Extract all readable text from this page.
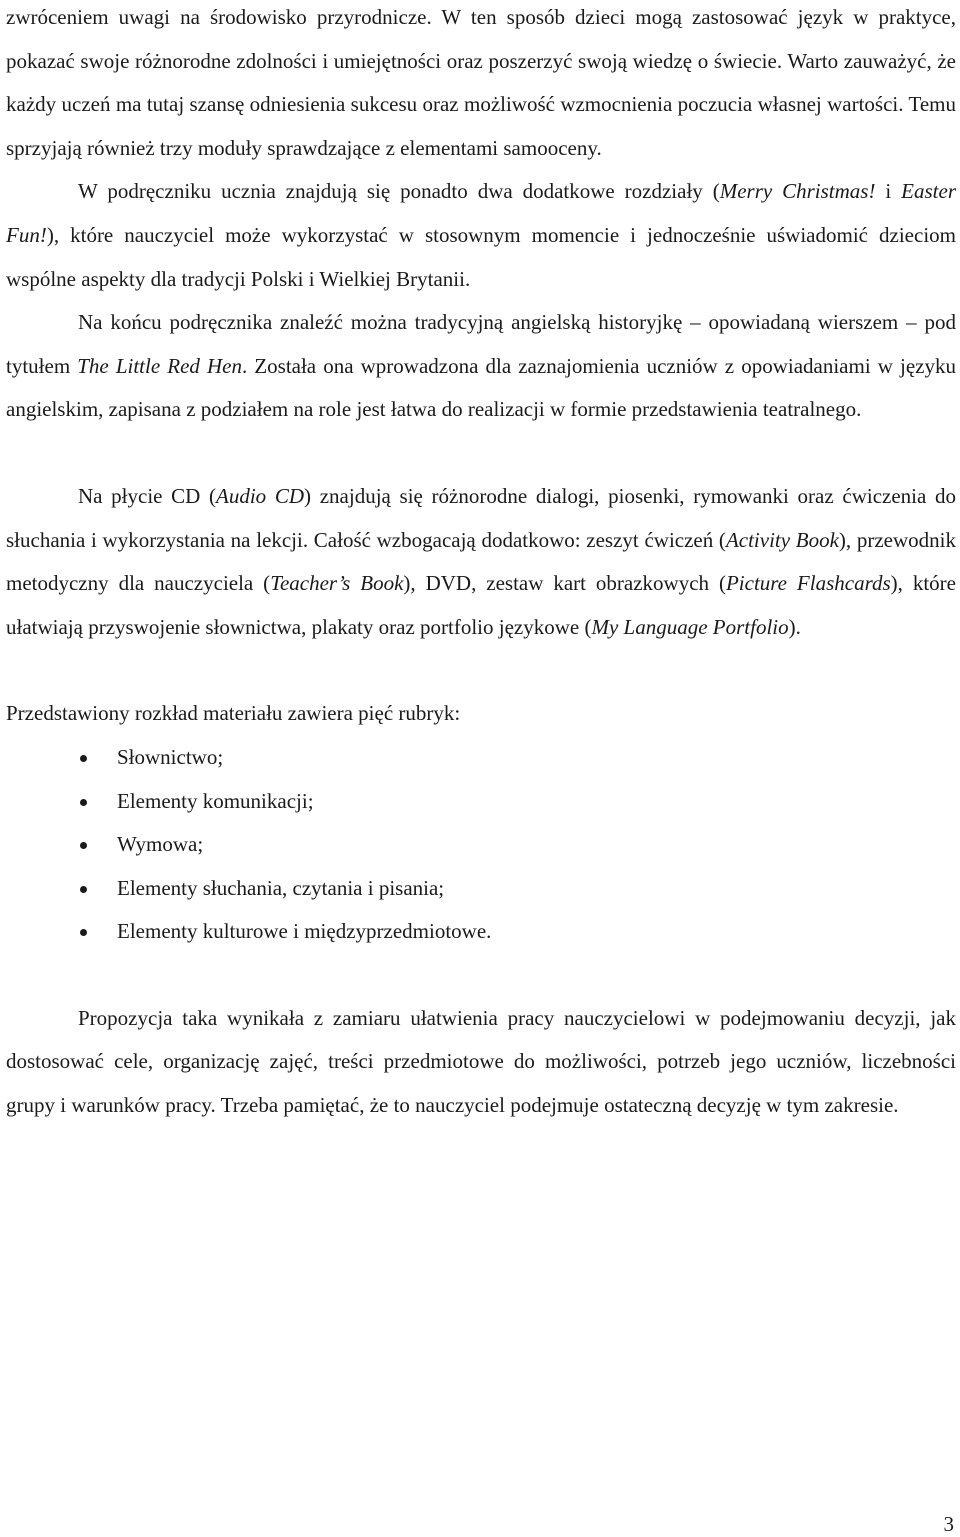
zwróceniem uwagi na środowisko przyrodnicze. W ten sposób dzieci mogą zastosować język w praktyce, pokazać swoje różnorodne zdolności i umiejętności oraz poszerzyć swoją wiedzę o świecie. Warto zauważyć, że każdy uczeń ma tutaj szansę odniesienia sukcesu oraz możliwość wzmocnienia poczucia własnej wartości. Temu sprzyjają również trzy moduły sprawdzające z elementami samooceny.

W podręczniku ucznia znajdują się ponadto dwa dodatkowe rozdziały (Merry Christmas! i Easter Fun!), które nauczyciel może wykorzystać w stosownym momencie i jednocześnie uświadomić dzieciom wspólne aspekty dla tradycji Polski i Wielkiej Brytanii.

Na końcu podręcznika znaleźć można tradycyjną angielską historyjkę – opowiadaną wierszem – pod tytułem The Little Red Hen. Została ona wprowadzona dla zaznajomienia uczniów z opowiadaniami w języku angielskim, zapisana z podziałem na role jest łatwa do realizacji w formie przedstawienia teatralnego.

Na płycie CD (Audio CD) znajdują się różnorodne dialogi, piosenki, rymowanki oraz ćwiczenia do słuchania i wykorzystania na lekcji. Całość wzbogacają dodatkowo: zeszyt ćwiczeń (Activity Book), przewodnik metodyczny dla nauczyciela (Teacher’s Book), DVD, zestaw kart obrazkowych (Picture Flashcards), które ułatwiają przyswojenie słownictwa, plakaty oraz portfolio językowe (My Language Portfolio).

Przedstawiony rozkład materiału zawiera pięć rubryk:

Słownictwo;
Elementy komunikacji;
Wymowa;
Elementy słuchania, czytania i pisania;
Elementy kulturowe i międzyprzedmiotowe.

Propozycja taka wynikała z zamiaru ułatwienia pracy nauczycielowi w podejmowaniu decyzji, jak dostosować cele, organizację zajęć, treści przedmiotowe do możliwości, potrzeb jego uczniów, liczebności grupy i warunków pracy. Trzeba pamiętać, że to nauczyciel podejmuje ostateczną decyzję w tym zakresie.

3
